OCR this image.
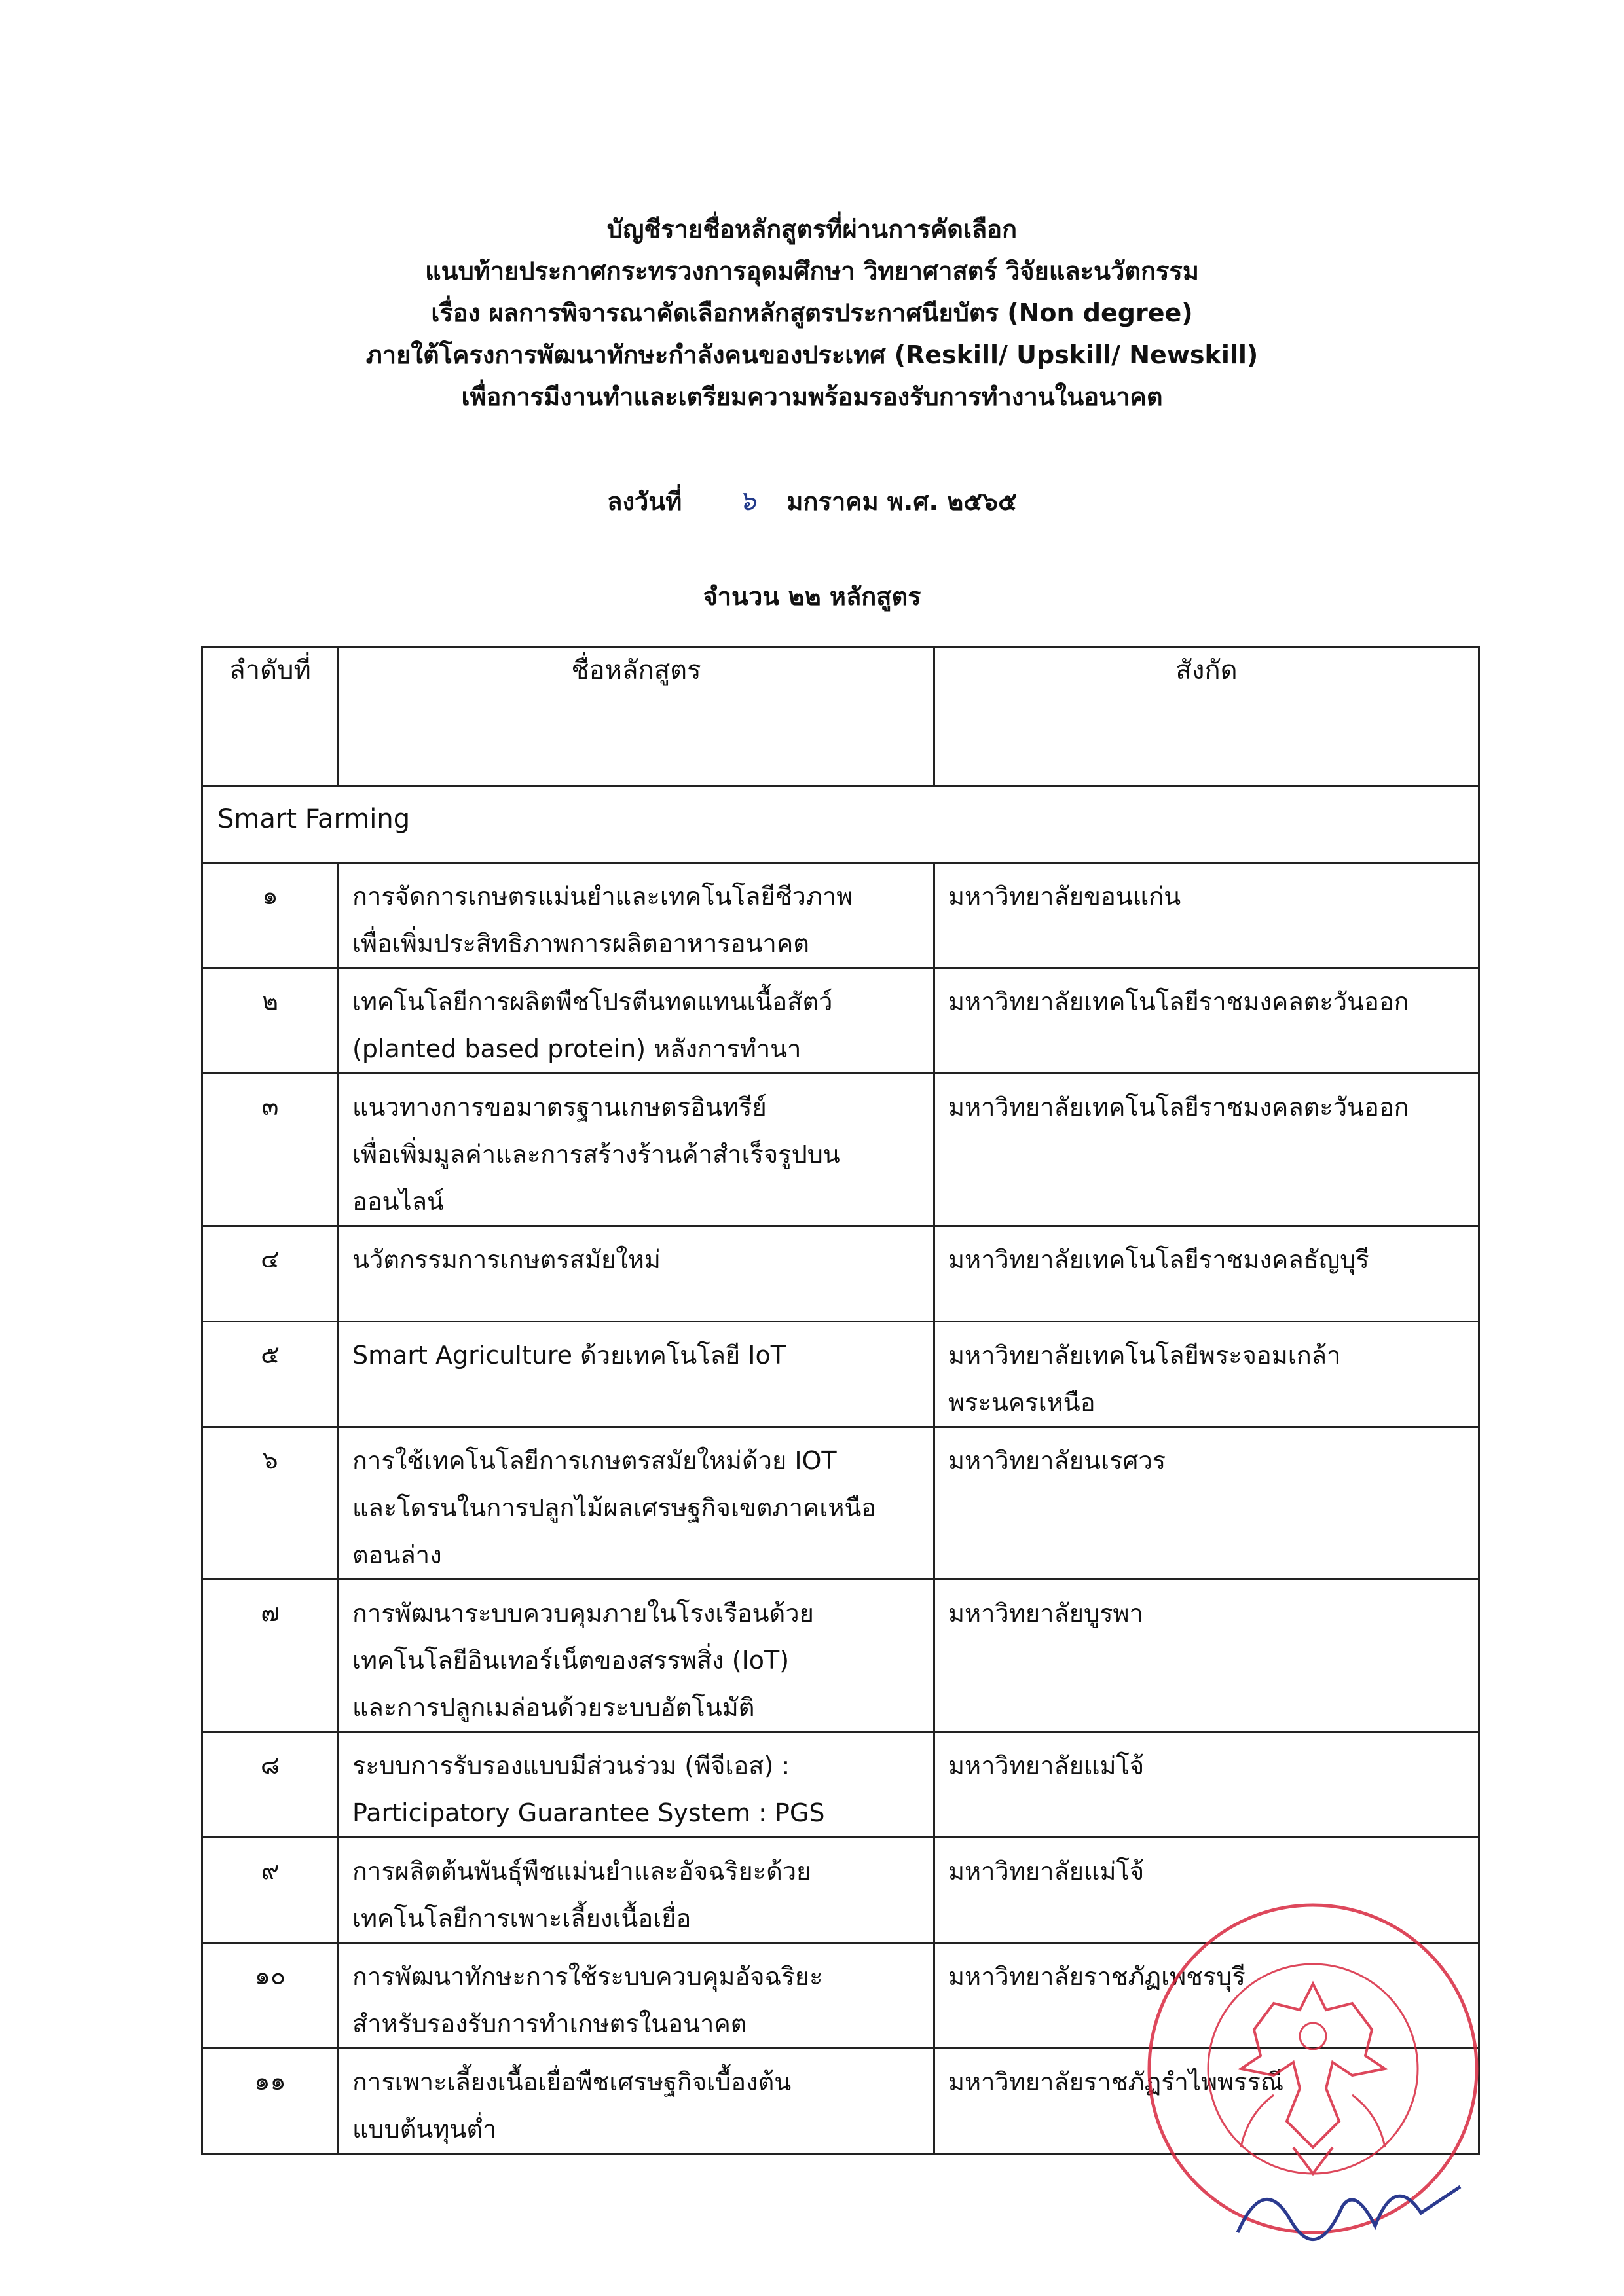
บัญชีรายชื่อหลักสูตรที่ผ่านการคัดเลือก
แนบท้ายประกาศกระทรวงการอุดมศึกษา วิทยาศาสตร์ วิจัยและนวัตกรรม
เรื่อง ผลการพิจารณาคัดเลือกหลักสูตรประกาศนียบัตร (Non degree)
ภายใต้โครงการพัฒนาทักษะกำลังคนของประเทศ (Reskill/ Upskill/ Newskill)
เพื่อการมีงานทำและเตรียมความพร้อมรองรับการทำงานในอนาคต
ลงวันที่ ๖ มกราคม พ.ศ. ๒๕๖๕
จำนวน ๒๒ หลักสูตร
ลำดับที่	ชื่อหลักสูตร	สังกัด
Smart Farming		
๑	การจัดการเกษตรแม่นยำและเทคโนโลยีชีวภาพ
เพื่อเพิ่มประสิทธิภาพการผลิตอาหารอนาคต	มหาวิทยาลัยขอนแก่น

๒	เทคโนโลยีการผลิตพืชโปรตีนทดแทนเนื้อสัตว์
(planted based protein) หลังการทำนา	มหาวิทยาลัยเทคโนโลยีราชมงคลตะวันออก

๓	แนวทางการขอมาตรฐานเกษตรอินทรีย์
เพื่อเพิ่มมูลค่าและการสร้างร้านค้าสำเร็จรูปบน
ออนไลน์	มหาวิทยาลัยเทคโนโลยีราชมงคลตะวันออก

๔	นวัตกรรมการเกษตรสมัยใหม่	มหาวิทยาลัยเทคโนโลยีราชมงคลธัญบุรี

๕	Smart Agriculture ด้วยเทคโนโลยี IoT	มหาวิทยาลัยเทคโนโลยีพระจอมเกล้า
พระนครเหนือ

๖	การใช้เทคโนโลยีการเกษตรสมัยใหม่ด้วย IOT
และโดรนในการปลูกไม้ผลเศรษฐกิจเขตภาคเหนือ
ตอนล่าง	มหาวิทยาลัยนเรศวร

๗	การพัฒนาระบบควบคุมภายในโรงเรือนด้วย
เทคโนโลยีอินเทอร์เน็ตของสรรพสิ่ง (IoT)
และการปลูกเมล่อนด้วยระบบอัตโนมัติ	มหาวิทยาลัยบูรพา

๘	ระบบการรับรองแบบมีส่วนร่วม (พีจีเอส) :
Participatory Guarantee System : PGS	มหาวิทยาลัยแม่โจ้

๙	การผลิตต้นพันธุ์พืชแม่นยำและอัจฉริยะด้วย
เทคโนโลยีการเพาะเลี้ยงเนื้อเยื่อ	มหาวิทยาลัยแม่โจ้

๑๐	การพัฒนาทักษะการใช้ระบบควบคุมอัจฉริยะ
สำหรับรองรับการทำเกษตรในอนาคต	มหาวิทยาลัยราชภัฏเพชรบุรี

๑๑	การเพาะเลี้ยงเนื้อเยื่อพืชเศรษฐกิจเบื้องต้น
แบบต้นทุนต่ำ	มหาวิทยาลัยราชภัฏรำไพพรรณี
